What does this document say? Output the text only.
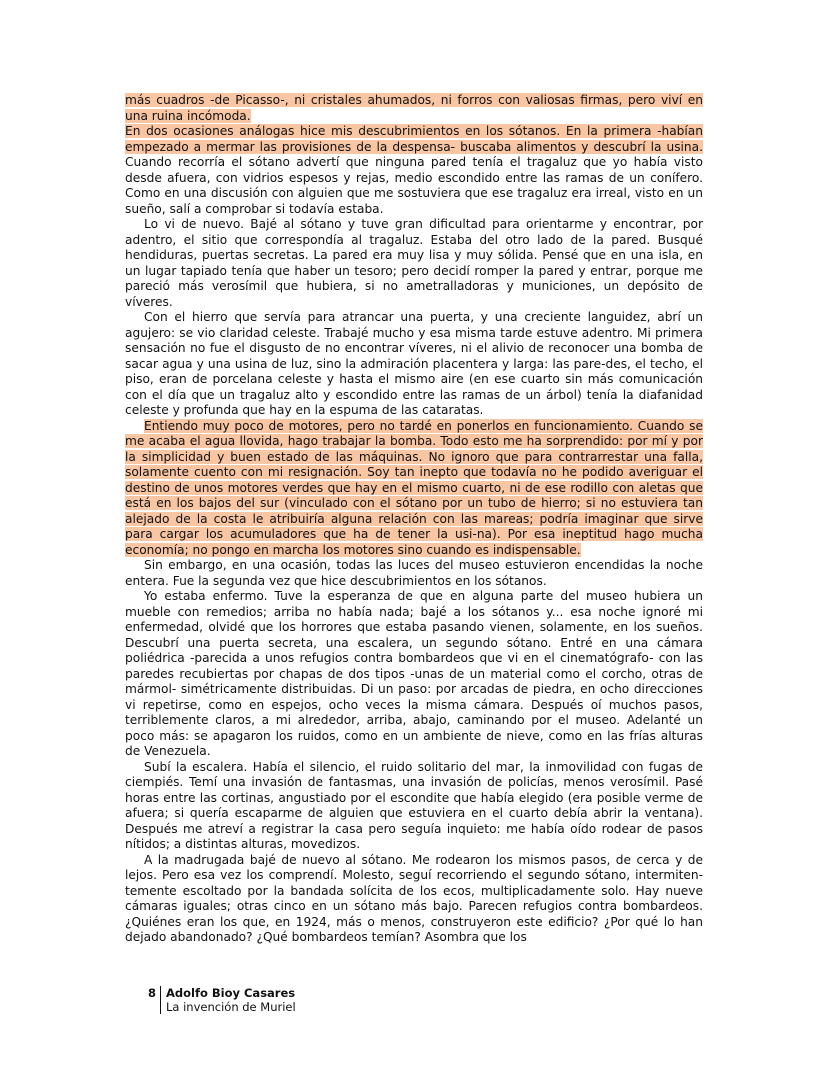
más cuadros -de Picasso-, ni cristales ahumados, ni forros con valiosas firmas, pero viví en una ruina incómoda.

En dos ocasiones análogas hice mis descubrimientos en los sótanos. En la primera -habían empezado a mermar las provisiones de la despensa- buscaba alimentos y descubrí la usina. Cuando recorría el sótano advertí que ninguna pared tenía el tragaluz que yo había visto desde afuera, con vidrios espesos y rejas, medio escondido entre las ramas de un conífero. Como en una discusión con alguien que me sostuviera que ese tragaluz era irreal, visto en un sueño, salí a comprobar si todavía estaba.

Lo vi de nuevo. Bajé al sótano y tuve gran dificultad para orientarme y encontrar, por adentro, el sitio que correspondía al tragaluz. Estaba del otro lado de la pared. Busqué hendiduras, puertas secretas. La pared era muy lisa y muy sólida. Pensé que en una isla, en un lugar tapiado tenía que haber un tesoro; pero decidí romper la pared y entrar, porque me pareció más verosímil que hubiera, si no ametralladoras y municiones, un depósito de víveres.

Con el hierro que servía para atrancar una puerta, y una creciente languidez, abrí un agujero: se vio claridad celeste. Trabajé mucho y esa misma tarde estuve adentro. Mi primera sensación no fue el disgusto de no encontrar víveres, ni el alivio de reconocer una bomba de sacar agua y una usina de luz, sino la admiración placentera y larga: las pare-des, el techo, el piso, eran de porcelana celeste y hasta el mismo aire (en ese cuarto sin más comunicación con el día que un tragaluz alto y escondido entre las ramas de un árbol) tenía la diafanidad celeste y profunda que hay en la espuma de las cataratas.

Entiendo muy poco de motores, pero no tardé en ponerlos en funcionamiento. Cuando se me acaba el agua llovida, hago trabajar la bomba. Todo esto me ha sorprendido: por mí y por la simplicidad y buen estado de las máquinas. No ignoro que para contrarrestar una falla, solamente cuento con mi resignación. Soy tan inepto que todavía no he podido averiguar el destino de unos motores verdes que hay en el mismo cuarto, ni de ese rodillo con aletas que está en los bajos del sur (vinculado con el sótano por un tubo de hierro; si no estuviera tan alejado de la costa le atribuiría alguna relación con las mareas; podría imaginar que sirve para cargar los acumuladores que ha de tener la usi-na). Por esa ineptitud hago mucha economía; no pongo en marcha los motores sino cuando es indispensable.

Sin embargo, en una ocasión, todas las luces del museo estuvieron encendidas la noche entera. Fue la segunda vez que hice descubrimientos en los sótanos.

Yo estaba enfermo. Tuve la esperanza de que en alguna parte del museo hubiera un mueble con remedios; arriba no había nada; bajé a los sótanos y... esa noche ignoré mi enfermedad, olvidé que los horrores que estaba pasando vienen, solamente, en los sueños. Descubrí una puerta secreta, una escalera, un segundo sótano. Entré en una cámara poliédrica -parecida a unos refugios contra bombardeos que vi en el cinematógrafo- con las paredes recubiertas por chapas de dos tipos -unas de un material como el corcho, otras de mármol- simétricamente distribuidas. Di un paso: por arcadas de piedra, en ocho direcciones vi repetirse, como en espejos, ocho veces la misma cámara. Después oí muchos pasos, terriblemente claros, a mi alrededor, arriba, abajo, caminando por el museo. Adelanté un poco más: se apagaron los ruidos, como en un ambiente de nieve, como en las frías alturas de Venezuela.

Subí la escalera. Había el silencio, el ruido solitario del mar, la inmovilidad con fugas de ciempiés. Temí una invasión de fantasmas, una invasión de policías, menos verosímil. Pasé horas entre las cortinas, angustiado por el escondite que había elegido (era posible verme de afuera; si quería escaparme de alguien que estuviera en el cuarto debía abrir la ventana). Después me atreví a registrar la casa pero seguía inquieto: me había oído rodear de pasos nítidos; a distintas alturas, movedizos.

A la madrugada bajé de nuevo al sótano. Me rodearon los mismos pasos, de cerca y de lejos. Pero esa vez los comprendí. Molesto, seguí recorriendo el segundo sótano, intermiten-temente escoltado por la bandada solícita de los ecos, multiplicadamente solo. Hay nueve cámaras iguales; otras cinco en un sótano más bajo. Parecen refugios contra bombardeos. ¿Quiénes eran los que, en 1924, más o menos, construyeron este edificio? ¿Por qué lo han dejado abandonado? ¿Qué bombardeos temían? Asombra que los

8 Adolfo Bioy Casares
La invención de Muriel
